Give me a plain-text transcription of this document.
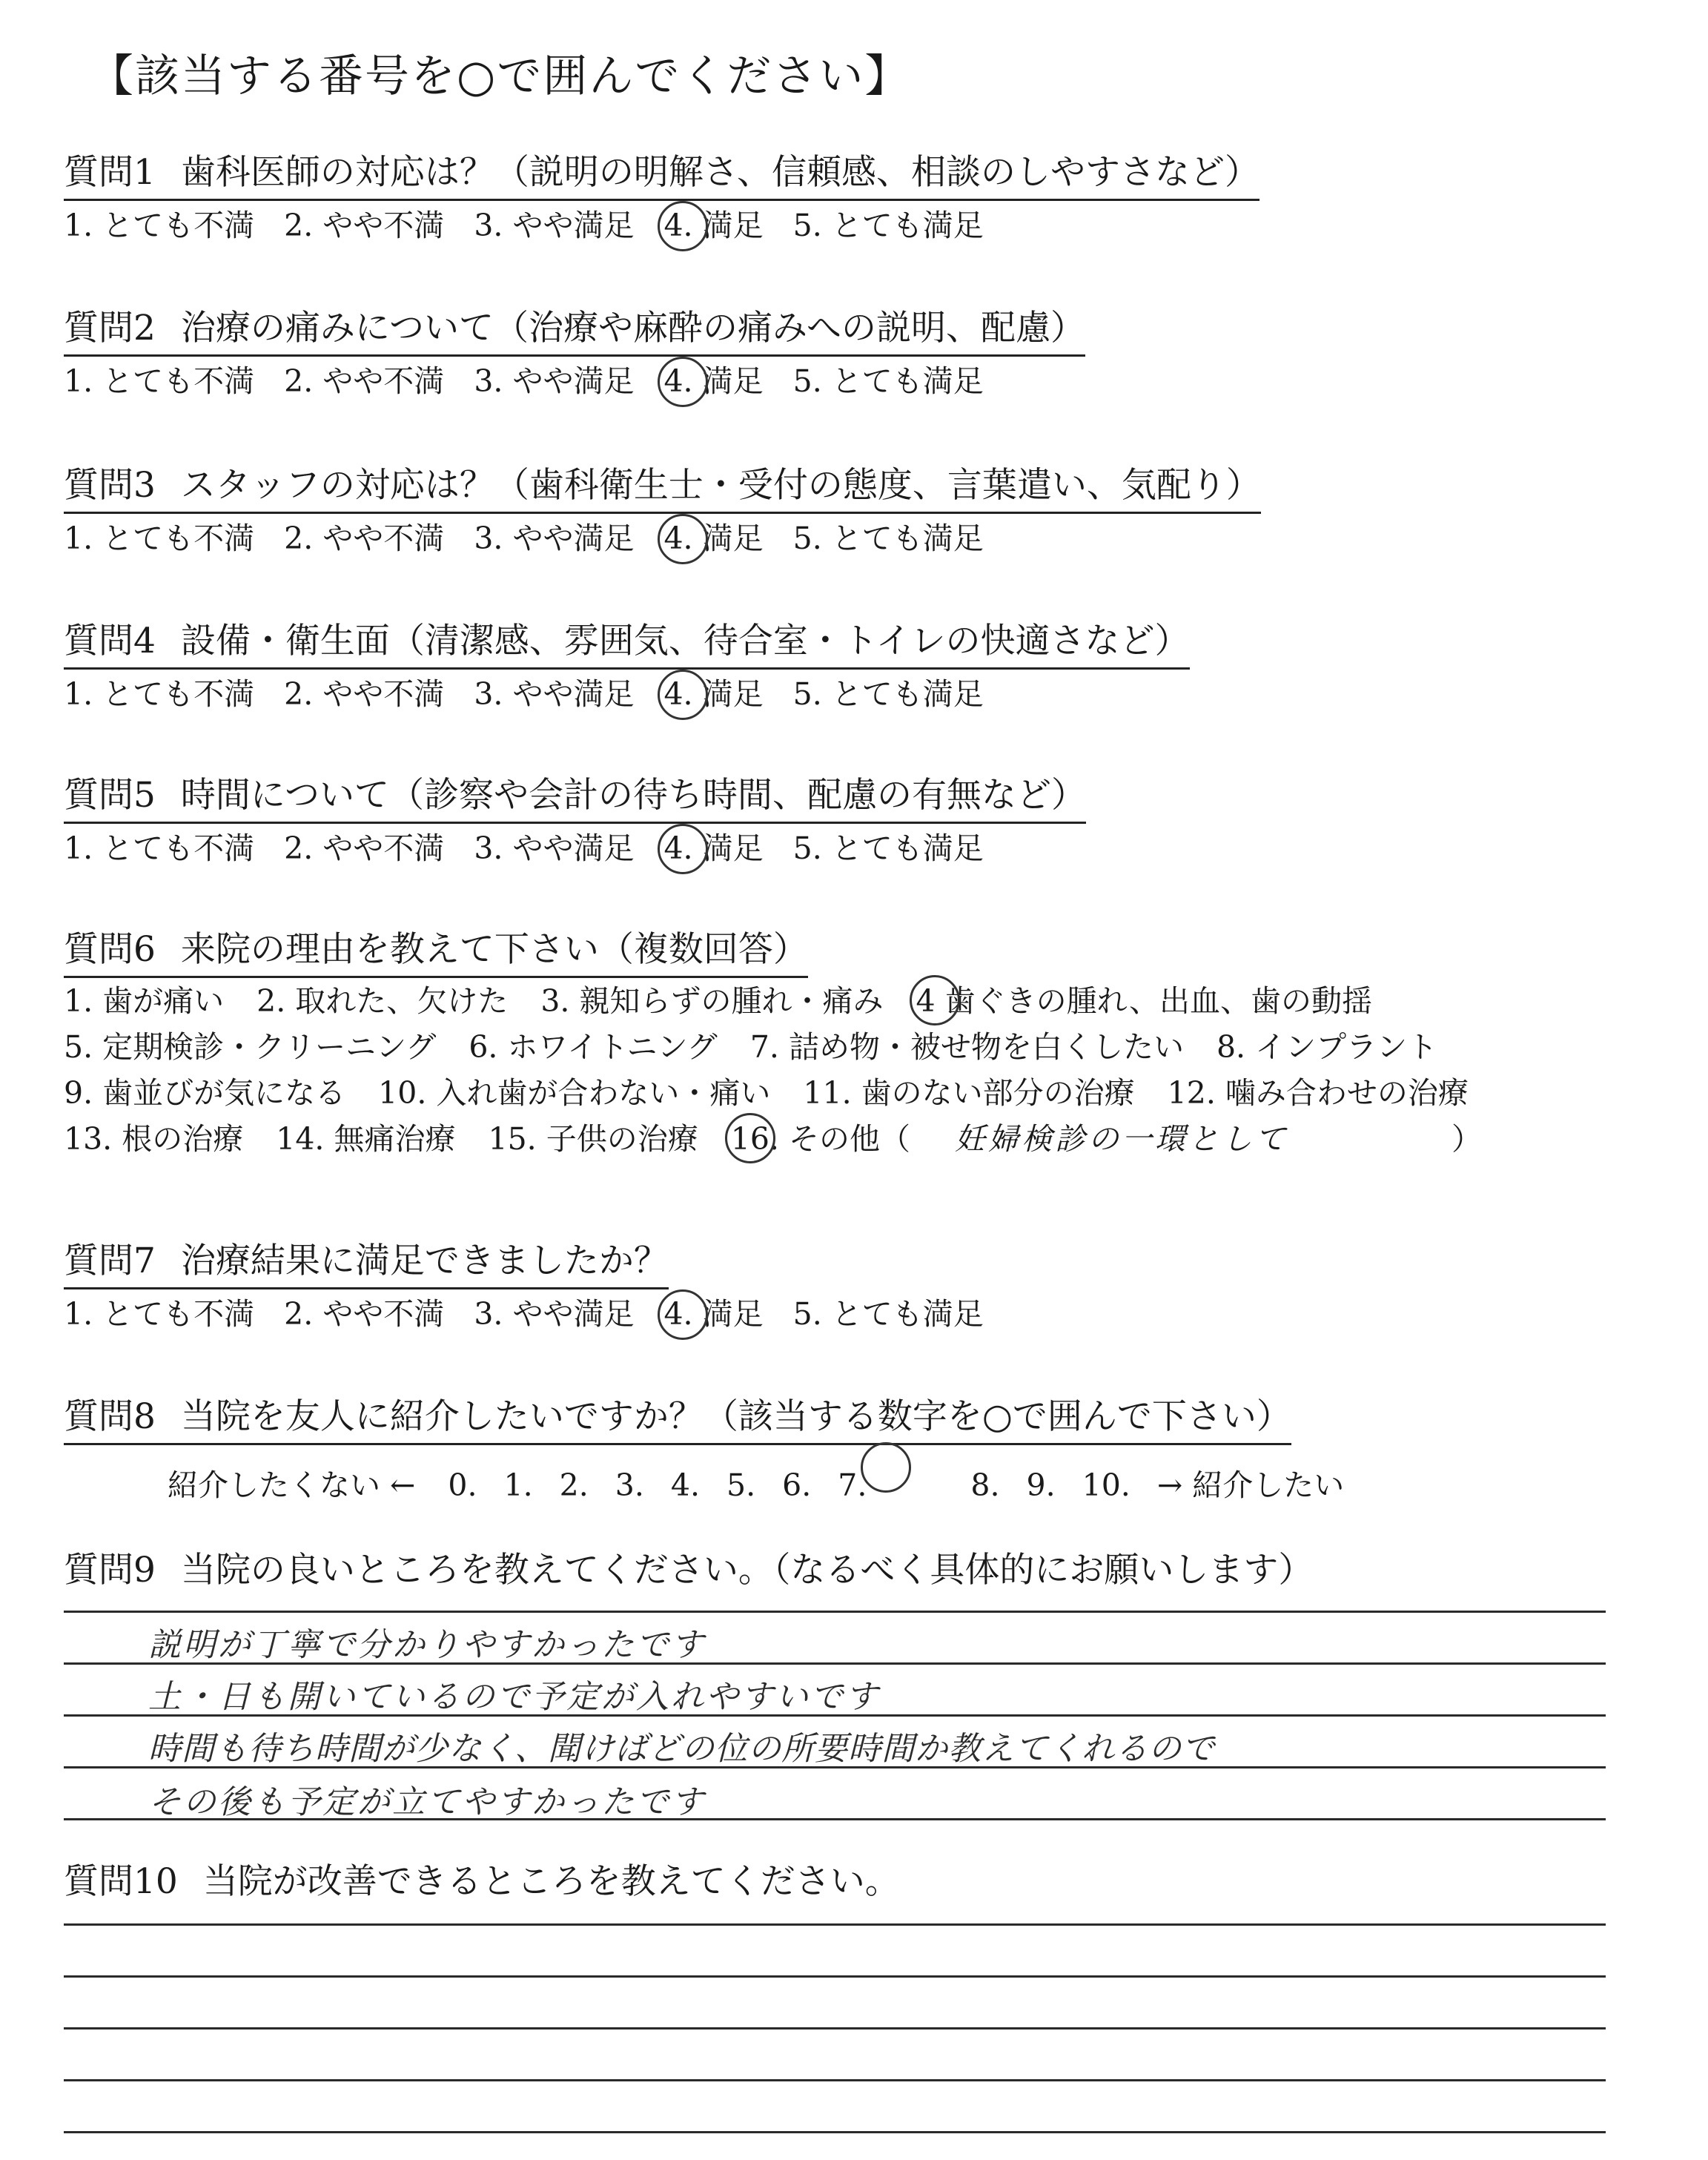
【該当する番号を○で囲んでください】
質問1 歯科医師の対応は？（説明の明解さ、信頼感、相談のしやすさなど）
1. とても不満 2. やや不満 3. やや満足 4. 満足 5. とても満足
質問2 治療の痛みについて（治療や麻酔の痛みへの説明、配慮）
1. とても不満 2. やや不満 3. やや満足 4. 満足 5. とても満足
質問3 スタッフの対応は？（歯科衛生士・受付の態度、言葉遣い、気配り）
1. とても不満 2. やや不満 3. やや満足 4. 満足 5. とても満足
質問4 設備・衛生面（清潔感、雰囲気、待合室・トイレの快適さなど）
1. とても不満 2. やや不満 3. やや満足 4. 満足 5. とても満足
質問5 時間について（診察や会計の待ち時間、配慮の有無など）
1. とても不満 2. やや不満 3. やや満足 4. 満足 5. とても満足
質問6 来院の理由を教えて下さい（複数回答）
1. 歯が痛い 2. 取れた、欠けた 3. 親知らずの腫れ・痛み 4 歯ぐきの腫れ、出血、歯の動揺
5. 定期検診・クリーニング 6. ホワイトニング 7. 詰め物・被せ物を白くしたい 8. インプラント
9. 歯並びが気になる 10. 入れ歯が合わない・痛い 11. 歯のない部分の治療 12. 噛み合わせの治療
13. 根の治療 14. 無痛治療 15. 子供の治療 16. その他（ 妊婦検診の一環として	）
質問7 治療結果に満足できましたか？
1. とても不満 2. やや不満 3. やや満足 4. 満足 5. とても満足
質問8 当院を友人に紹介したいですか？（該当する数字を○で囲んで下さい）
紹介したくない ← 0. 1. 2. 3. 4. 5. 6. 7.	8. 9. 10. → 紹介したい
質問9 当院の良いところを教えてください。（なるべく具体的にお願いします）
説明が丁寧で分かりやすかったです
土・日も開いているので予定が入れやすいです
時間も待ち時間が少なく、聞けばどの位の所要時間か教えてくれるので
その後も予定が立てやすかったです
質問10 当院が改善できるところを教えてください。
